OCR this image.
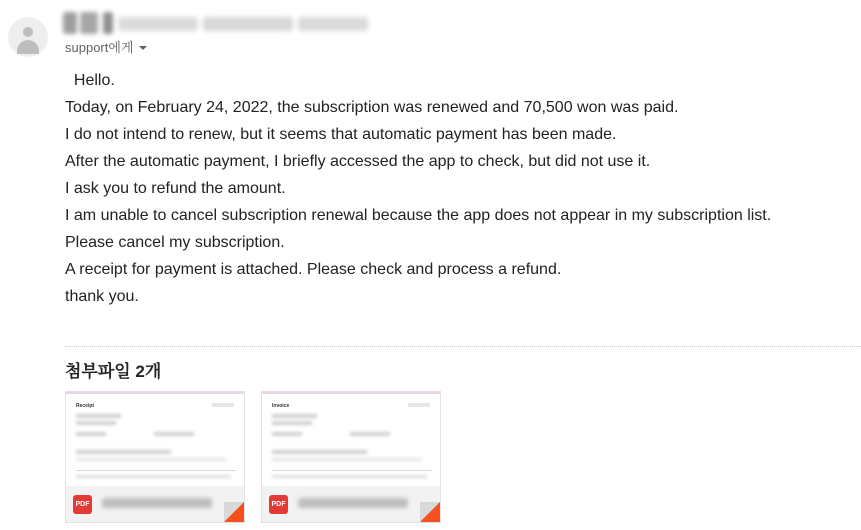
support에게
Hello.
Today, on February 24, 2022, the subscription was renewed and 70,500 won was paid.
I do not intend to renew, but it seems that automatic payment has been made.
After the automatic payment, I briefly accessed the app to check, but did not use it.
I ask you to refund the amount.
I am unable to cancel subscription renewal because the app does not appear in my subscription list.
Please cancel my subscription.
A receipt for payment is attached. Please check and process a refund.
thank you.
첨부파일 2개
Receipt
PDF
Invoice
PDF
